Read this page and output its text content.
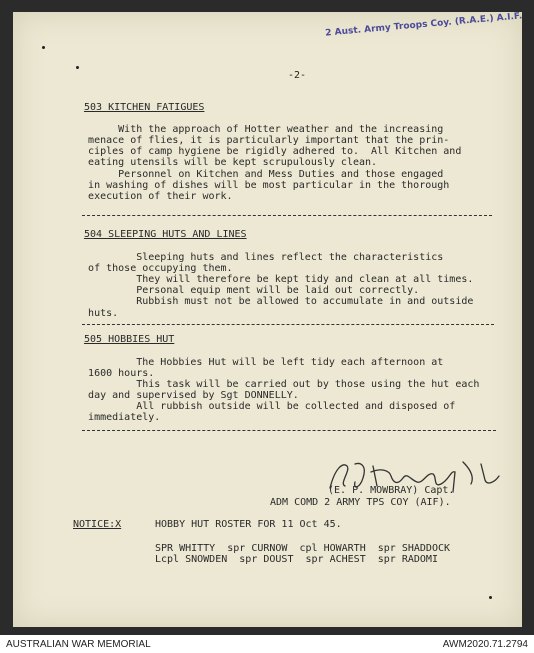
2 Aust. Army Troops Coy. (R.A.E.) A.I.F.
-2-
503 KITCHEN FATIGUES
With the approach of Hotter weather and the increasing
menace of flies, it is particularly important that the prin-
ciples of camp hygiene be rigidly adhered to.  All Kitchen and
eating utensils will be kept scrupulously clean.
Personnel on Kitchen and Mess Duties and those engaged
in washing of dishes will be most particular in the thorough
execution of their work.
504 SLEEPING HUTS AND LINES
Sleeping huts and lines reflect the characteristics
of those occupying them.
They will therefore be kept tidy and clean at all times.
Personal equip ment will be laid out correctly.
Rubbish must not be allowed to accumulate in and outside
huts.
505 HOBBIES HUT
The Hobbies Hut will be left tidy each afternoon at
1600 hours.
This task will be carried out by those using the hut each
day and supervised by Sgt DONNELLY.
All rubbish outside will be collected and disposed of
immediately.
(E. P. MOWBRAY) Capt.
ADM COMD 2 ARMY TPS COY (AIF).
NOTICE:X	HOBBY HUT ROSTER FOR 11 Oct 45.
SPR WHITTY  spr CURNOW  cpl HOWARTH  spr SHADDOCK
Lcpl SNOWDEN  spr DOUST  spr ACHEST  spr RADOMI
AUSTRALIAN WAR MEMORIAL	AWM2020.71.2794
